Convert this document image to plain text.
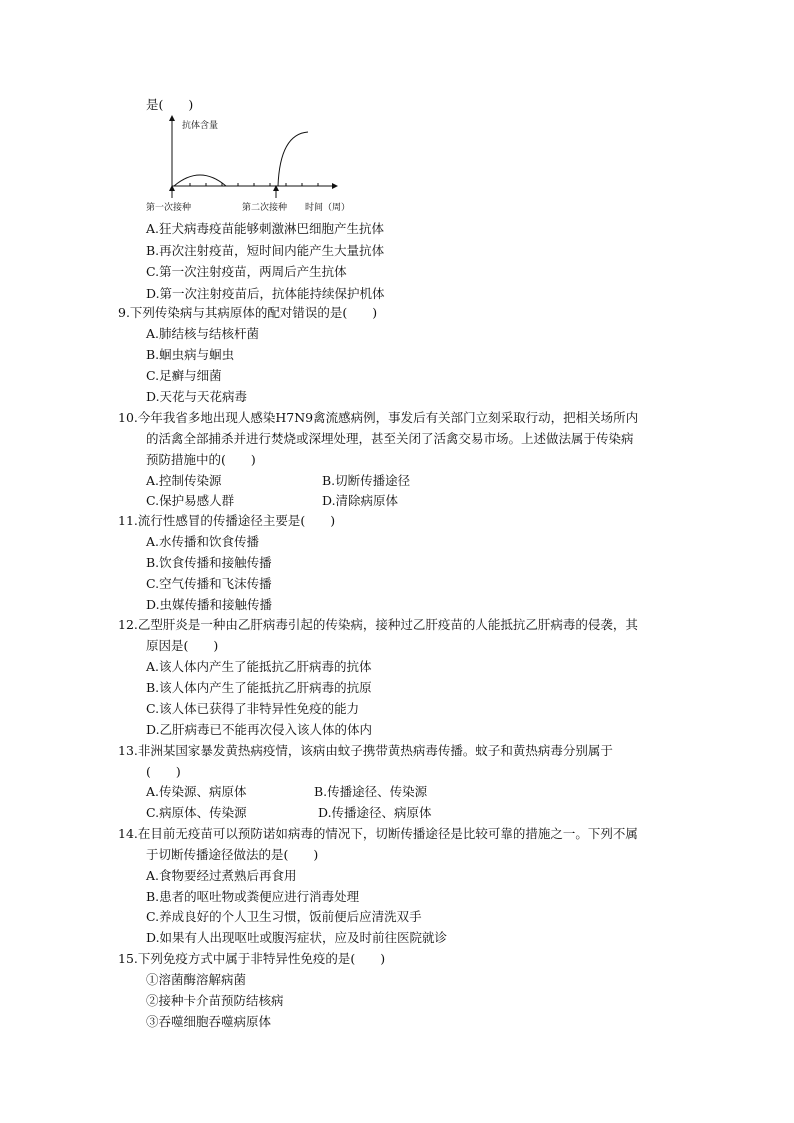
是(　　)
抗体含量
第一次接种	第二次接种 时间（周）
A.狂犬病毒疫苗能够刺激淋巴细胞产生抗体
B.再次注射疫苗，短时间内能产生大量抗体
C.第一次注射疫苗，两周后产生抗体
D.第一次注射疫苗后，抗体能持续保护机体
9.下列传染病与其病原体的配对错误的是(　　)
A.肺结核与结核杆菌
B.蛔虫病与蛔虫
C.足癣与细菌
D.天花与天花病毒
10.今年我省多地出现人感染H7N9禽流感病例，事发后有关部门立刻采取行动，把相关场所内
的活禽全部捕杀并进行焚烧或深埋处理，甚至关闭了活禽交易市场。上述做法属于传染病
预防措施中的(　　)
A.控制传染源	B.切断传播途径
C.保护易感人群	D.清除病原体
11.流行性感冒的传播途径主要是(　　)
A.水传播和饮食传播
B.饮食传播和接触传播
C.空气传播和飞沫传播
D.虫媒传播和接触传播
12.乙型肝炎是一种由乙肝病毒引起的传染病，接种过乙肝疫苗的人能抵抗乙肝病毒的侵袭，其
原因是(　　)
A.该人体内产生了能抵抗乙肝病毒的抗体
B.该人体内产生了能抵抗乙肝病毒的抗原
C.该人体已获得了非特异性免疫的能力
D.乙肝病毒已不能再次侵入该人体的体内
13.非洲某国家暴发黄热病疫情，该病由蚊子携带黄热病毒传播。蚊子和黄热病毒分别属于
(　　)
A.传染源、病原体	B.传播途径、传染源
C.病原体、传染源	D.传播途径、病原体
14.在目前无疫苗可以预防诺如病毒的情况下，切断传播途径是比较可靠的措施之一。下列不属
于切断传播途径做法的是(　　)
A.食物要经过煮熟后再食用
B.患者的呕吐物或粪便应进行消毒处理
C.养成良好的个人卫生习惯，饭前便后应清洗双手
D.如果有人出现呕吐或腹泻症状，应及时前往医院就诊
15.下列免疫方式中属于非特异性免疫的是(　　)
①溶菌酶溶解病菌
②接种卡介苗预防结核病
③吞噬细胞吞噬病原体
